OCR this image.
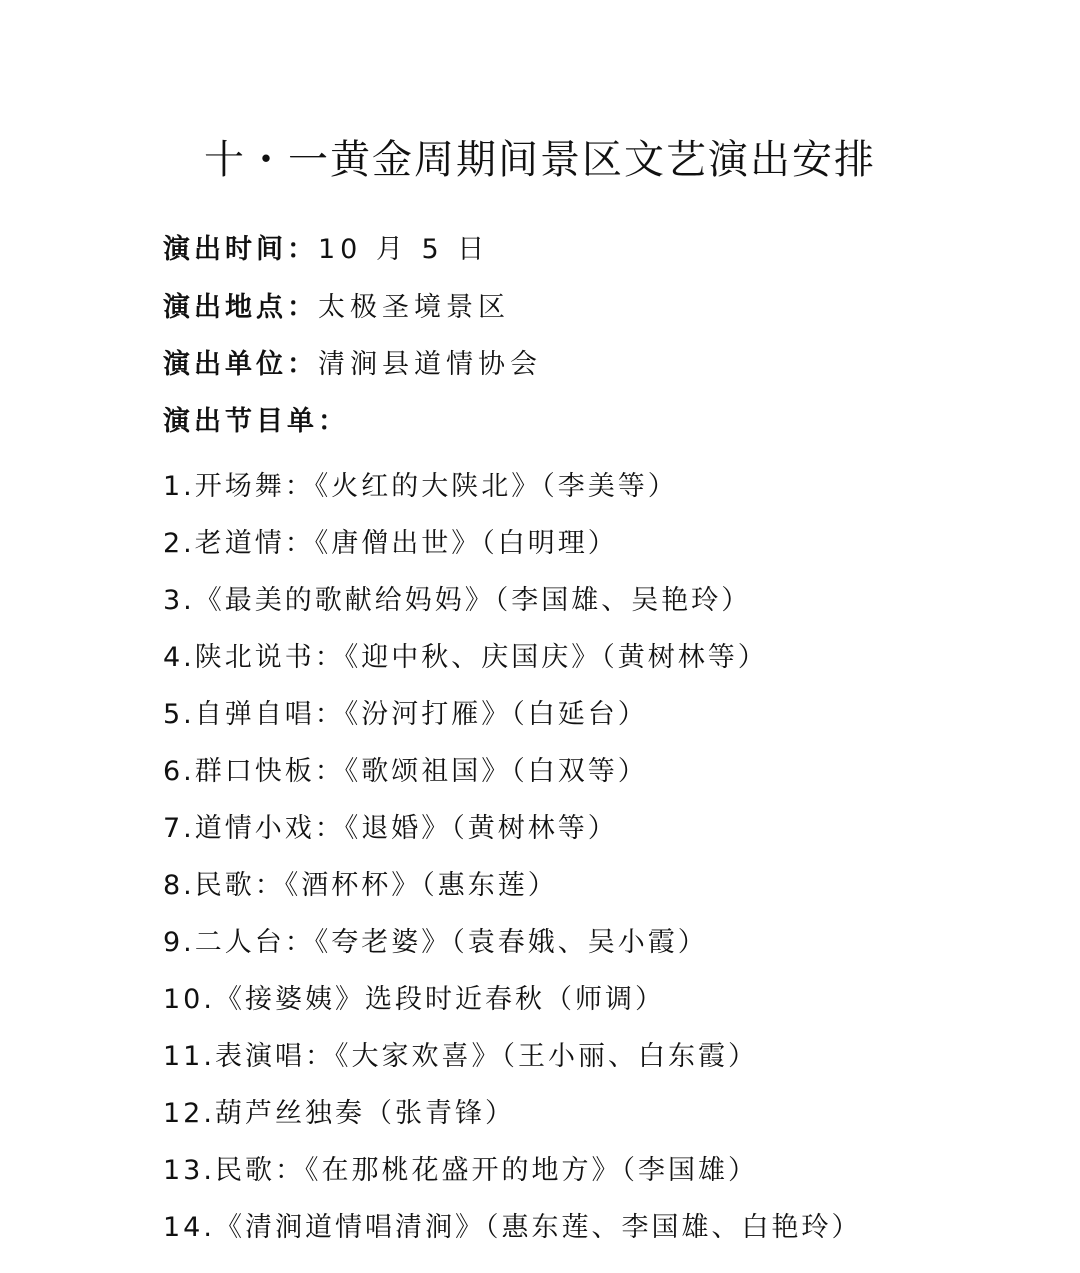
十・一黄金周期间景区文艺演出安排
演出时间：10 月 5 日
演出地点：太极圣境景区
演出单位：清涧县道情协会
演出节目单：
1.开场舞：《火红的大陕北》（李美等）
2.老道情：《唐僧出世》（白明理）
3.《最美的歌献给妈妈》（李国雄、吴艳玲）
4.陕北说书：《迎中秋、庆国庆》（黄树林等）
5.自弹自唱：《汾河打雁》（白延台）
6.群口快板：《歌颂祖国》（白双等）
7.道情小戏：《退婚》（黄树林等）
8.民歌：《酒杯杯》（惠东莲）
9.二人台：《夸老婆》（袁春娥、吴小霞）
10.《接婆姨》选段时近春秋（师调）
11.表演唱：《大家欢喜》（王小丽、白东霞）
12.葫芦丝独奏（张青锋）
13.民歌：《在那桃花盛开的地方》（李国雄）
14.《清涧道情唱清涧》（惠东莲、李国雄、白艳玲）
